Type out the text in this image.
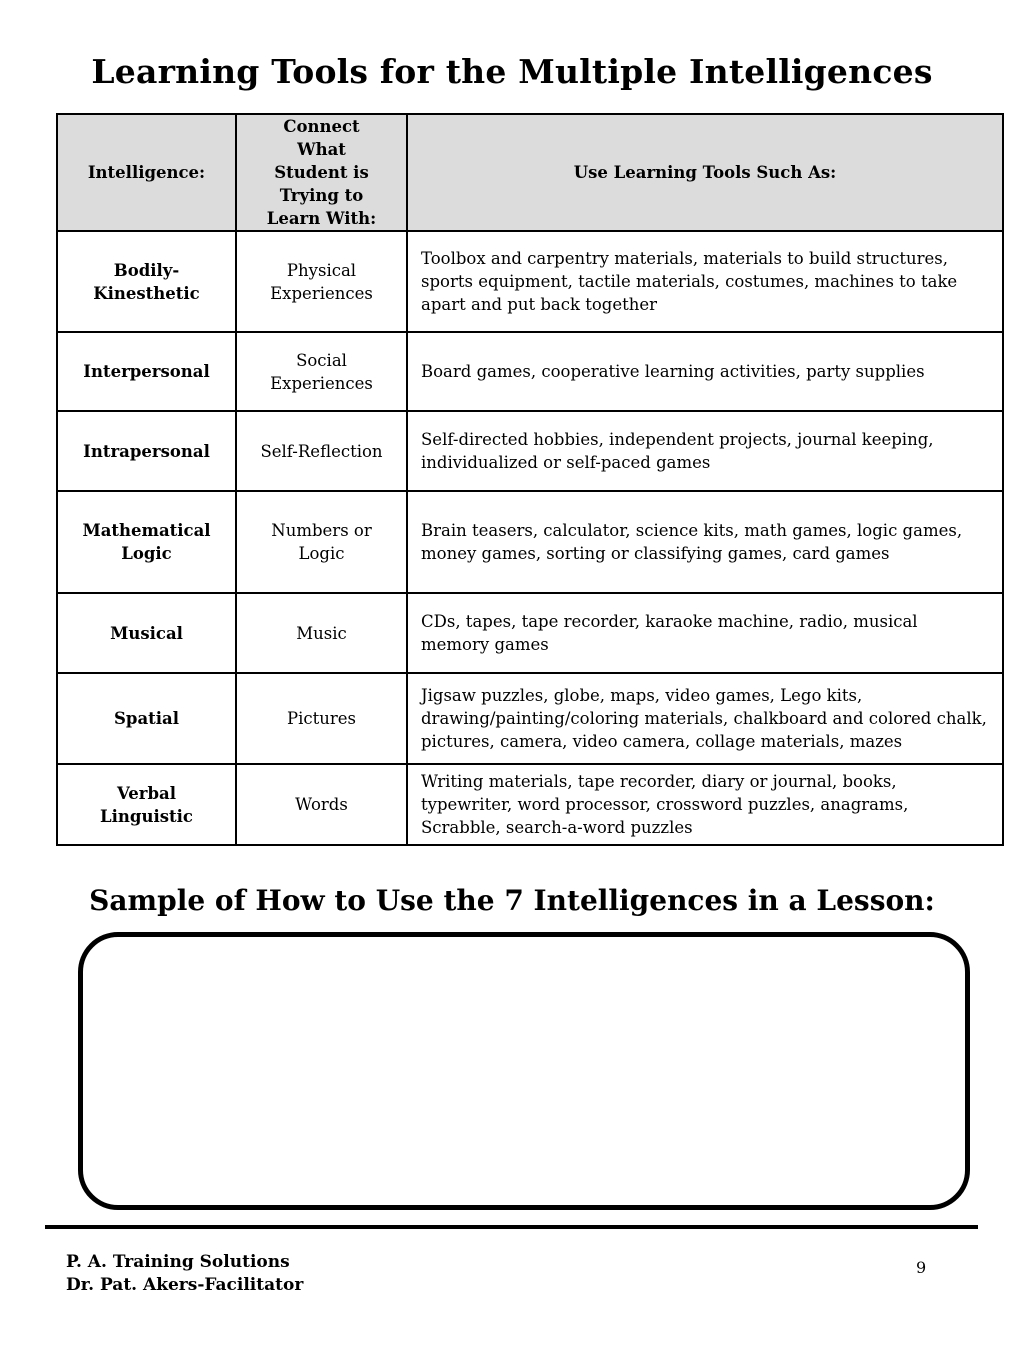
Learning Tools for the Multiple Intelligences
Intelligence:	Connect What Student is Trying to Learn With:	Use Learning Tools Such As:
Bodily-Kinesthetic	Physical Experiences	Toolbox and carpentry materials, materials to build structures, sports equipment, tactile materials, costumes, machines to take apart and put back together
Interpersonal	Social Experiences	Board games, cooperative learning activities, party supplies
Intrapersonal	Self-Reflection	Self-directed hobbies, independent projects, journal keeping, individualized or self-paced games
Mathematical Logic	Numbers or Logic	Brain teasers, calculator, science kits, math games, logic games, money games, sorting or classifying games, card games
Musical	Music	CDs, tapes, tape recorder, karaoke machine, radio, musical memory games
Spatial	Pictures	Jigsaw puzzles, globe, maps, video games, Lego kits, drawing/painting/coloring materials, chalkboard and colored chalk, pictures, camera, video camera, collage materials, mazes
Verbal Linguistic	Words	Writing materials, tape recorder, diary or journal, books, typewriter, word processor, crossword puzzles, anagrams, Scrabble, search-a-word puzzles
Sample of How to Use the 7 Intelligences in a Lesson:
P. A. Training Solutions
Dr. Pat. Akers-Facilitator
9
